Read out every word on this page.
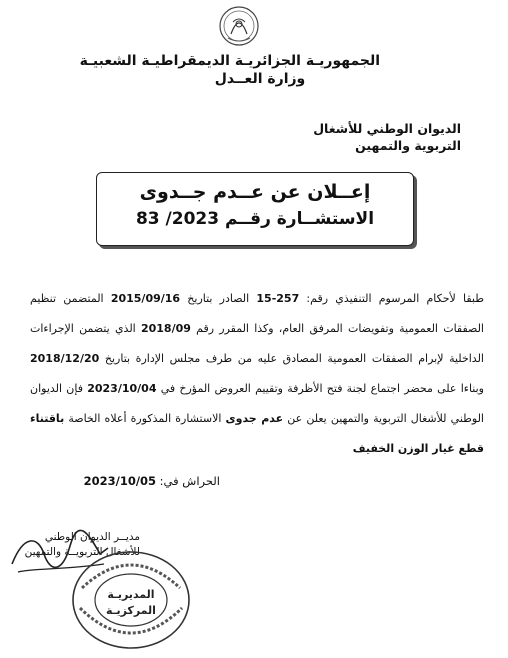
الجمهوريـة الجزائريـة الديمقراطيـة الشعبيـة
وزارة العــدل
الديوان الوطني للأشغال
التربوية والتمهين
إعــلان عن عــدم جــدوى
الاستشــارة رقــم 83 /2023
طبقا لأحكام المرسوم التنفيذي رقم: 15-257 الصادر بتاريخ 2015/09/16 المتضمن تنظيم الصفقات العمومية وتفويضات المرفق العام، وكذا المقرر رقم 2018/09 الذي يتضمن الإجراءات الداخلية لإبرام الصفقات العمومية المصادق عليه من طرف مجلس الإدارة بتاريخ 2018/12/20 وبناءا على محضر اجتماع لجنة فتح الأظرفة وتقييم العروض المؤرخ في 2023/10/04 فإن الديوان الوطني للأشغال التربوية والتمهين يعلن عن عدم جدوى الاستشارة المذكورة أعلاه الخاصة باقتناء قطع غيار الوزن الخفيف
الحراش في: 2023/10/05
مديــر الديوان الوطني
للأشغال التربويــة والتمهين
المديريـة
المركزيـة
